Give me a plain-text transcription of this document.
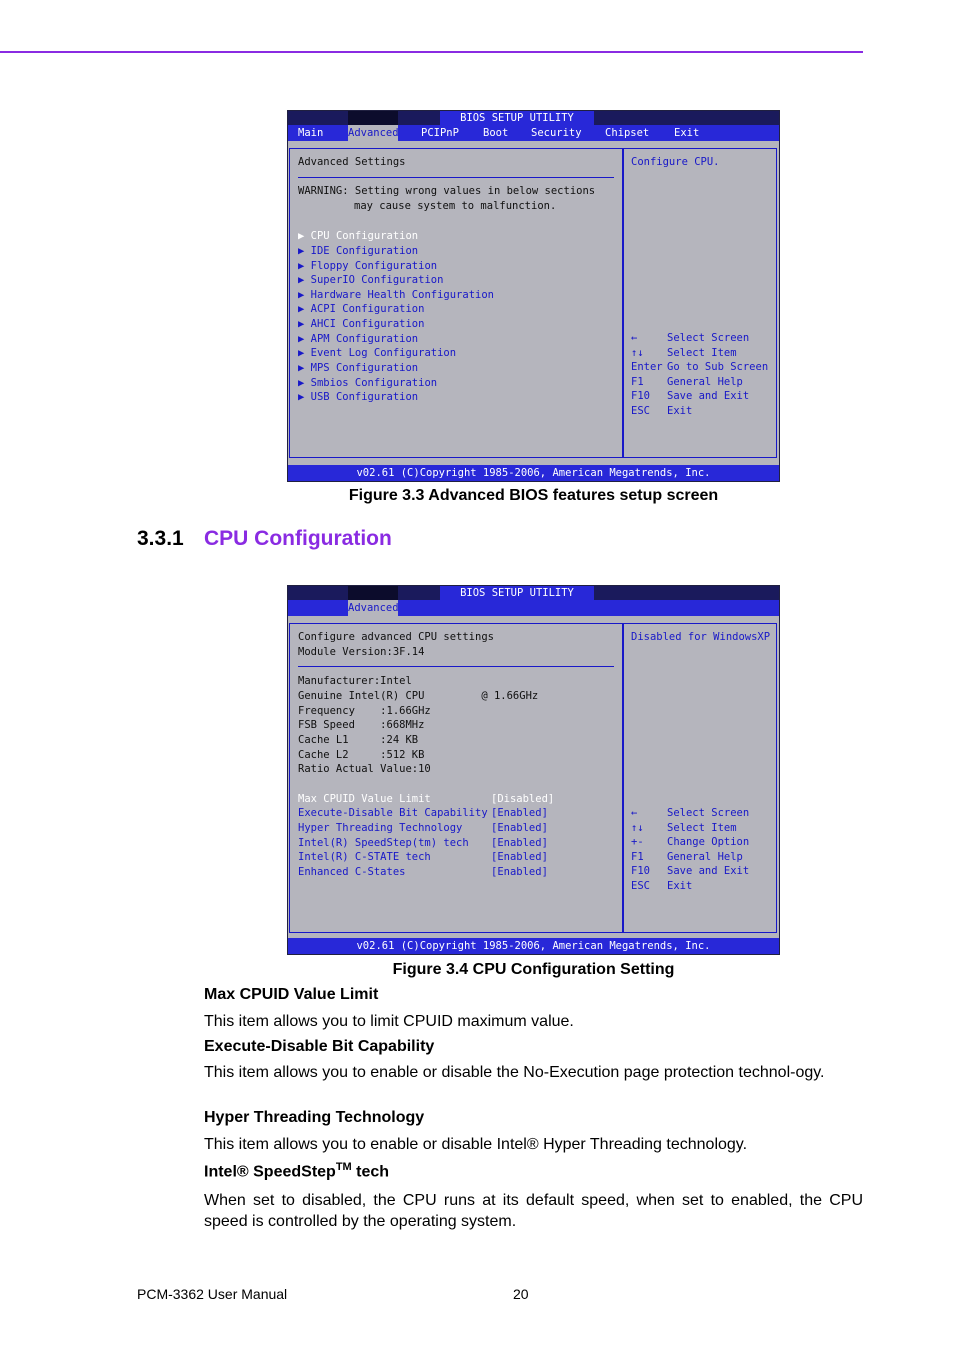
BIOS SETUP UTILITY
Main Advanced PCIPnP Boot Security Chipset Exit
Advanced Settings
WARNING: Setting wrong values in below sections
may cause system to malfunction.
▶ CPU Configuration
▶ IDE Configuration
▶ Floppy Configuration
▶ SuperIO Configuration
▶ Hardware Health Configuration
▶ ACPI Configuration
▶ AHCI Configuration
▶ APM Configuration
▶ Event Log Configuration
▶ MPS Configuration
▶ Smbios Configuration
▶ USB Configuration
Configure CPU.
←	Select Screen
↑↓ Select Item
Enter Go to Sub Screen
F1 General Help
F10 Save and Exit
ESC Exit
v02.61 (C)Copyright 1985-2006, American Megatrends, Inc.
Figure 3.3 Advanced BIOS features setup screen
3.3.1 CPU Configuration
BIOS SETUP UTILITY
Advanced
Configure advanced CPU settings
Module Version:3F.14
Manufacturer:Intel
Genuine Intel(R) CPU         @ 1.66GHz
Frequency    :1.66GHz
FSB Speed    :668MHz
Cache L1     :24 KB
Cache L2     :512 KB
Ratio Actual Value:10
Max CPUID Value Limit	[Disabled]
Execute-Disable Bit Capability [Enabled]
Hyper Threading Technology	[Enabled]
Intel(R) SpeedStep(tm) tech [Enabled]
Intel(R) C-STATE tech	[Enabled]
Enhanced C-States	[Enabled]
Disabled for WindowsXP
←	Select Screen
↑↓ Select Item
+- Change Option
F1 General Help
F10 Save and Exit
ESC Exit
v02.61 (C)Copyright 1985-2006, American Megatrends, Inc.
Figure 3.4 CPU Configuration Setting
Max CPUID Value Limit
This item allows you to limit CPUID maximum value.
Execute-Disable Bit Capability
This item allows you to enable or disable the No-Execution page protection technol-ogy.
Hyper Threading Technology
This item allows you to enable or disable Intel® Hyper Threading technology.
Intel® SpeedStep™ tech
When set to disabled, the CPU runs at its default speed, when set to enabled, the CPU speed is controlled by the operating system.
PCM-3362 User Manual	20
